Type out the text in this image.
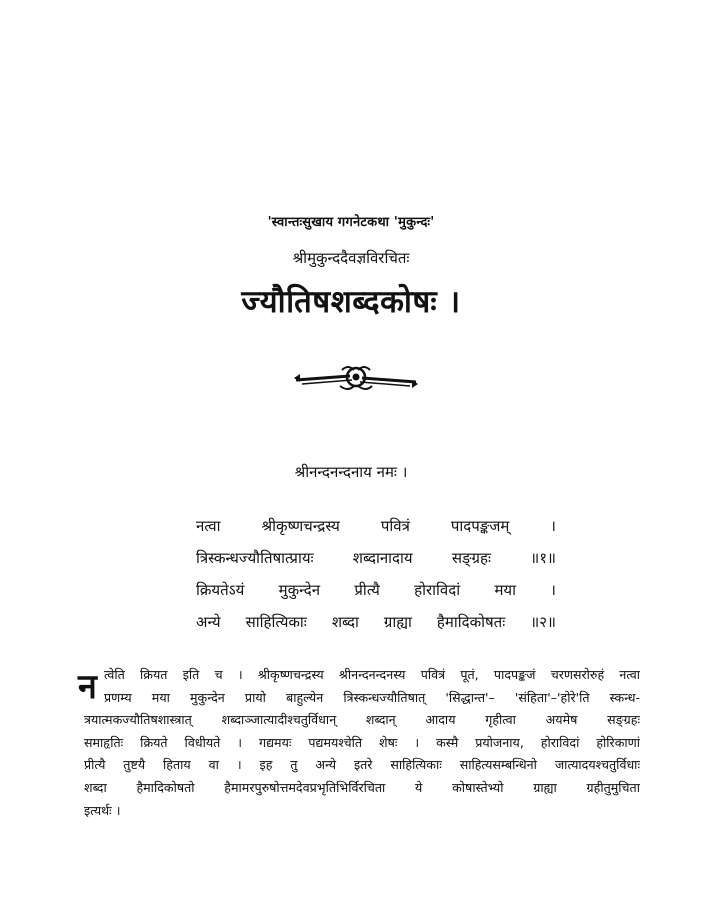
'स्वान्तःसुखाय गगनेटकथा 'मुकुन्दः'
श्रीमुकुन्ददैवज्ञविरचितः
ज्यौतिषशब्दकोषः ।
श्रीनन्दनन्दनाय नमः ।
नत्वा श्रीकृष्णचन्द्रस्य पवित्रं पादपङ्कजम् ।
त्रिस्कन्धज्यौतिषात्प्रायः शब्दानादाय सङ्ग्रहः ॥१॥
क्रियतेऽयं मुकुन्देन प्रीत्यै होराविदां मया ।
अन्ये साहित्यिकाः शब्दा ग्राह्या हैमादिकोषतः ॥२॥
न त्वेति क्रियत इति च । श्रीकृष्णचन्द्रस्य श्रीनन्दनन्दनस्य पवित्रं पूतं, पादपङ्कजं चरणसरोरुहं नत्वा
प्रणम्य मया मुकुन्देन प्रायो बाहुल्येन त्रिस्कन्धज्यौतिषात् 'सिद्धान्त'– 'संहिता'–'होरे'ति स्कन्ध-
त्रयात्मकज्यौतिषशास्त्रात् शब्दाञ्जात्यादीश्चतुर्विधान् शब्दान् आदाय गृहीत्वा अयमेष सङ्ग्रहः
समाहृतिः क्रियते विधीयते । गद्यमयः पद्यमयश्चेति शेषः । कस्मै प्रयोजनाय, होराविदां होरिकाणां
प्रीत्यै तुष्टयै हिताय वा । इह तु अन्ये इतरे साहित्यिकाः साहित्यसम्बन्धिनो जात्यादयश्चतुर्विधाः
शब्दा हैमादिकोषतो हैमामरपुरुषोत्तमदेवप्रभृतिभिर्विरचिता ये कोषास्तेभ्यो ग्राह्या ग्रहीतुमुचिता
इत्यर्थः ।
